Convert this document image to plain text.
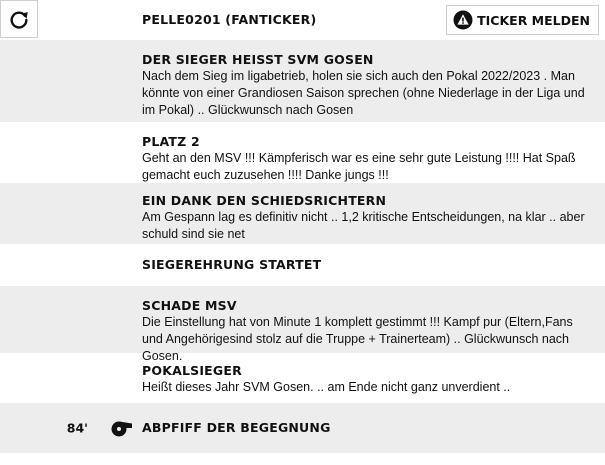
PELLE0201 (FANTICKER)	TICKER MELDEN

DER SIEGER HEISST SVM GOSEN

Nach dem Sieg im ligabetrieb, holen sie sich auch den Pokal 2022/2023 . Man könnte von einer Grandiosen Saison sprechen (ohne Niederlage in der Liga und im Pokal) .. Glückwunsch nach Gosen

PLATZ 2

Geht an den MSV !!! Kämpferisch war es eine sehr gute Leistung !!!! Hat Spaß gemacht euch zuzusehen !!!! Danke jungs !!!

EIN DANK DEN SCHIEDSRICHTERN

Am Gespann lag es definitiv nicht .. 1,2 kritische Entscheidungen, na klar .. aber schuld sind sie net

SIEGEREHRUNG STARTET

SCHADE MSV

Die Einstellung hat von Minute 1 komplett gestimmt !!! Kampf pur (Eltern,Fans und Angehörigesind stolz auf die Truppe + Trainerteam) .. Glückwunsch nach Gosen.

POKALSIEGER

Heißt dieses Jahr SVM Gosen. .. am Ende nicht ganz unverdient ..

84'	ABPFIFF DER BEGEGNUNG
